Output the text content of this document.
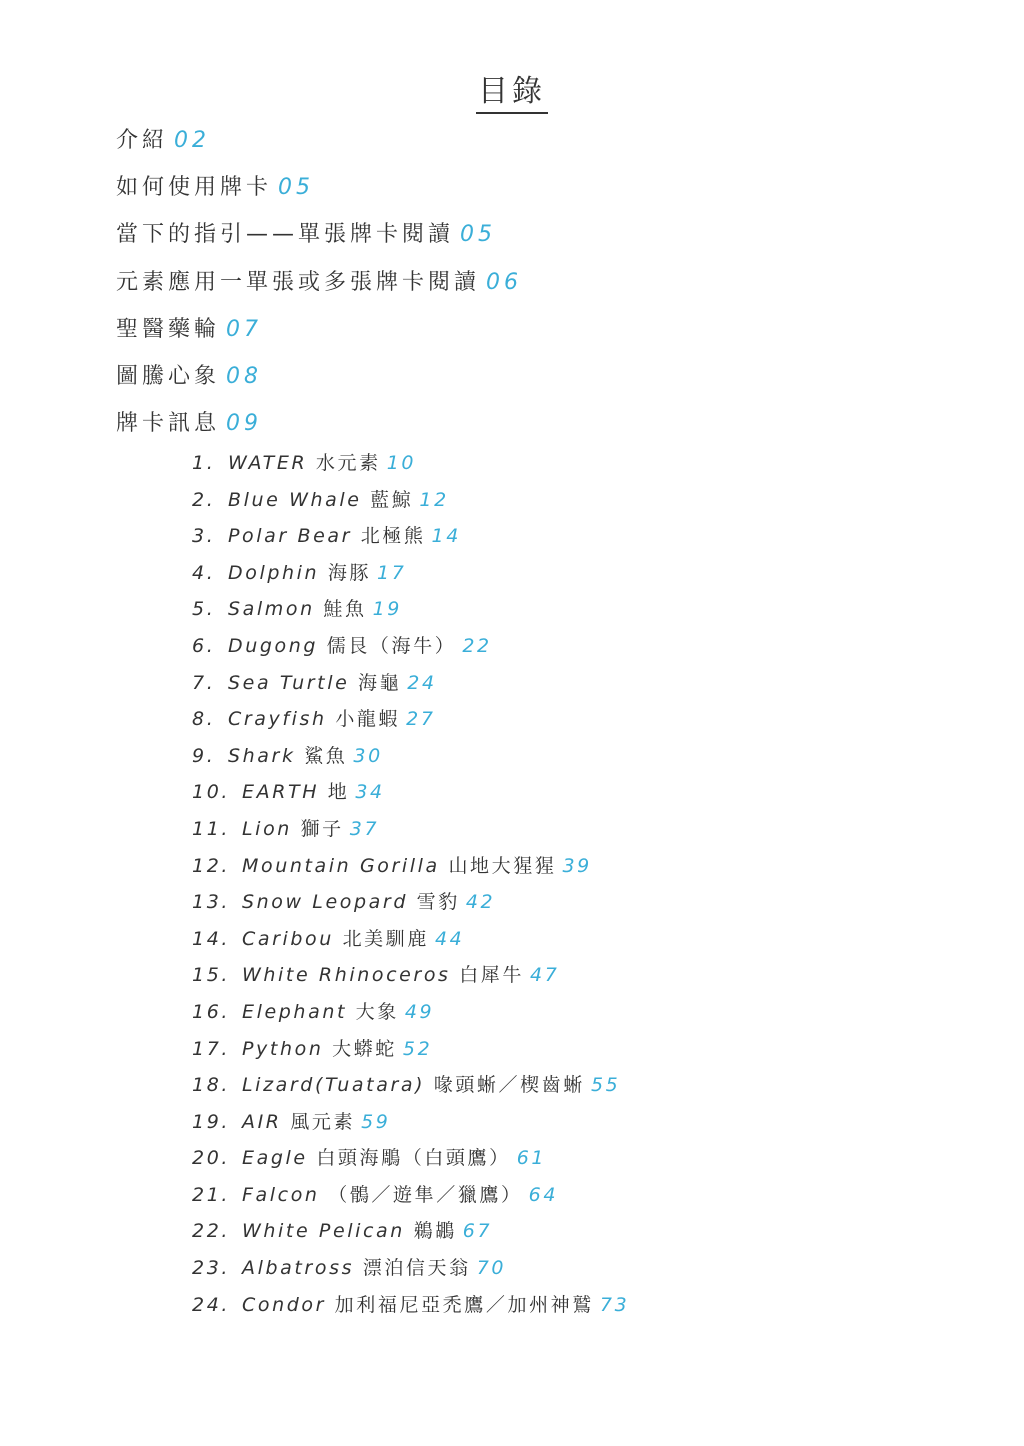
目錄
介紹 02
如何使用牌卡 05
當下的指引——單張牌卡閱讀 05
元素應用一單張或多張牌卡閱讀 06
聖醫藥輪 07
圖騰心象 08
牌卡訊息 09
1. WATER 水元素 10
2. Blue Whale 藍鯨 12
3. Polar Bear 北極熊 14
4. Dolphin 海豚 17
5. Salmon 鮭魚 19
6. Dugong 儒艮（海牛） 22
7. Sea Turtle 海龜 24
8. Crayfish 小龍蝦 27
9. Shark 鯊魚 30
10. EARTH 地 34
11. Lion 獅子 37
12. Mountain Gorilla 山地大猩猩 39
13. Snow Leopard 雪豹 42
14. Caribou 北美馴鹿 44
15. White Rhinoceros 白犀牛 47
16. Elephant 大象 49
17. Python 大蟒蛇 52
18. Lizard(Tuatara) 喙頭蜥／楔齒蜥 55
19. AIR 風元素 59
20. Eagle 白頭海鵰（白頭鷹） 61
21. Falcon （鶻／遊隼／獵鷹） 64
22. White Pelican 鵜鶘 67
23. Albatross 漂泊信天翁 70
24. Condor 加利福尼亞禿鷹／加州神鷲 73
